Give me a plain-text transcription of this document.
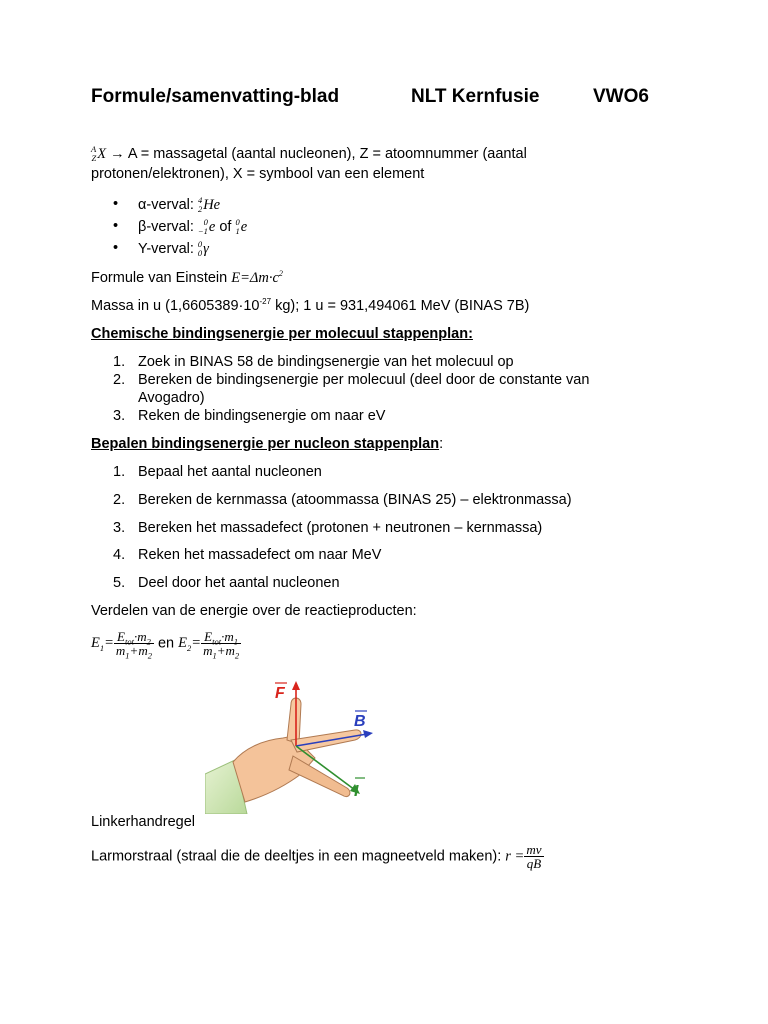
Formule/samenvatting-blad	NLT Kernfusie	VWO6
A
ZX → A = massagetal (aantal nucleonen), Z = atoomnummer (aantal
protonen/elektronen), X = symbool van een element
• α-verval: 4
2He
• β-verval: 0
−1e of 0
1e
• Υ-verval: 0
0γ
Formule van Einstein $E=\Delta m\cdot c^2$
Massa in u ($1,6605389\cdot 10^{-27}$ kg); 1 u = 931,494061 MeV (BINAS 7B)
Chemische bindingsenergie per molecuul stappenplan:
1. Zoek in BINAS 58 de bindingsenergie van het molecuul op
2. Bereken de bindingsenergie per molecuul (deel door de constante van
Avogadro)
3. Reken de bindingsenergie om naar eV
Bepalen bindingsenergie per nucleon stappenplan:
1. Bepaal het aantal nucleonen
2. Bereken de kernmassa (atoommassa (BINAS 25) – elektronmassa)
3. Bereken het massadefect (protonen + neutronen – kernmassa)
4. Reken het massadefect om naar MeV
5. Deel door het aantal nucleonen
Verdelen van de energie over de reactieproducten:
$E_1= \frac{E_{tot}\cdot m_2}{m_1+m_2}$ en $E_2= \frac{E_{tot}\cdot m_1}{m_1+m_2}$
F
B
I
Linkerhandregel
Larmorstraal (straal die de deeltjes in een magneetveld maken): $r = \frac{mv}{qB}$
